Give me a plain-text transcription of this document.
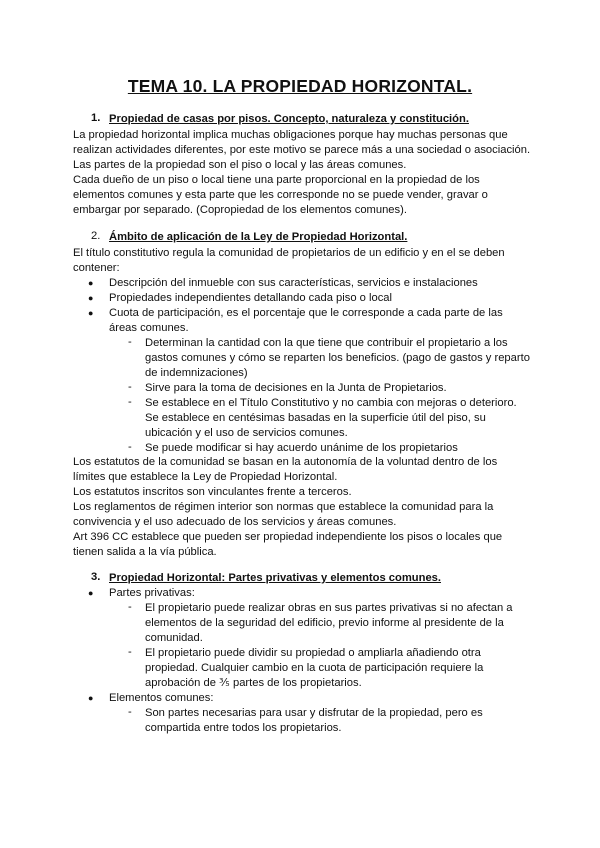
TEMA 10. LA PROPIEDAD HORIZONTAL.
1. Propiedad de casas por pisos. Concepto, naturaleza y constitución.
La propiedad horizontal implica muchas obligaciones porque hay muchas personas que
realizan actividades diferentes, por este motivo se parece más a una sociedad o asociación.
Las partes de la propiedad son el piso o local y las áreas comunes.
Cada dueño de un piso o local tiene una parte proporcional en la propiedad de los
elementos comunes y esta parte que les corresponde no se puede vender, gravar o
embargar por separado. (Copropiedad de los elementos comunes).
2. Ámbito de aplicación de la Ley de Propiedad Horizontal.
El título constitutivo regula la comunidad de propietarios de un edificio y en el se deben
contener:
● Descripción del inmueble con sus características, servicios e instalaciones
● Propiedades independientes detallando cada piso o local
● Cuota de participación, es el porcentaje que le corresponde a cada parte de las
áreas comunes.
- Determinan la cantidad con la que tiene que contribuir el propietario a los
gastos comunes y cómo se reparten los beneficios. (pago de gastos y reparto
de indemnizaciones)
- Sirve para la toma de decisiones en la Junta de Propietarios.
- Se establece en el Título Constitutivo y no cambia con mejoras o deterioro.
Se establece en centésimas basadas en la superficie útil del piso, su
ubicación y el uso de servicios comunes.
- Se puede modificar si hay acuerdo unánime de los propietarios
Los estatutos de la comunidad se basan en la autonomía de la voluntad dentro de los
límites que establece la Ley de Propiedad Horizontal.
Los estatutos inscritos son vinculantes frente a terceros.
Los reglamentos de régimen interior son normas que establece la comunidad para la
convivencia y el uso adecuado de los servicios y áreas comunes.
Art 396 CC establece que pueden ser propiedad independiente los pisos o locales que
tienen salida a la vía pública.
3. Propiedad Horizontal: Partes privativas y elementos comunes.
● Partes privativas:
- El propietario puede realizar obras en sus partes privativas si no afectan a
elementos de la seguridad del edificio, previo informe al presidente de la
comunidad.
- El propietario puede dividir su propiedad o ampliarla añadiendo otra
propiedad. Cualquier cambio en la cuota de participación requiere la
aprobación de ⅗ partes de los propietarios.
● Elementos comunes:
- Son partes necesarias para usar y disfrutar de la propiedad, pero es
compartida entre todos los propietarios.
